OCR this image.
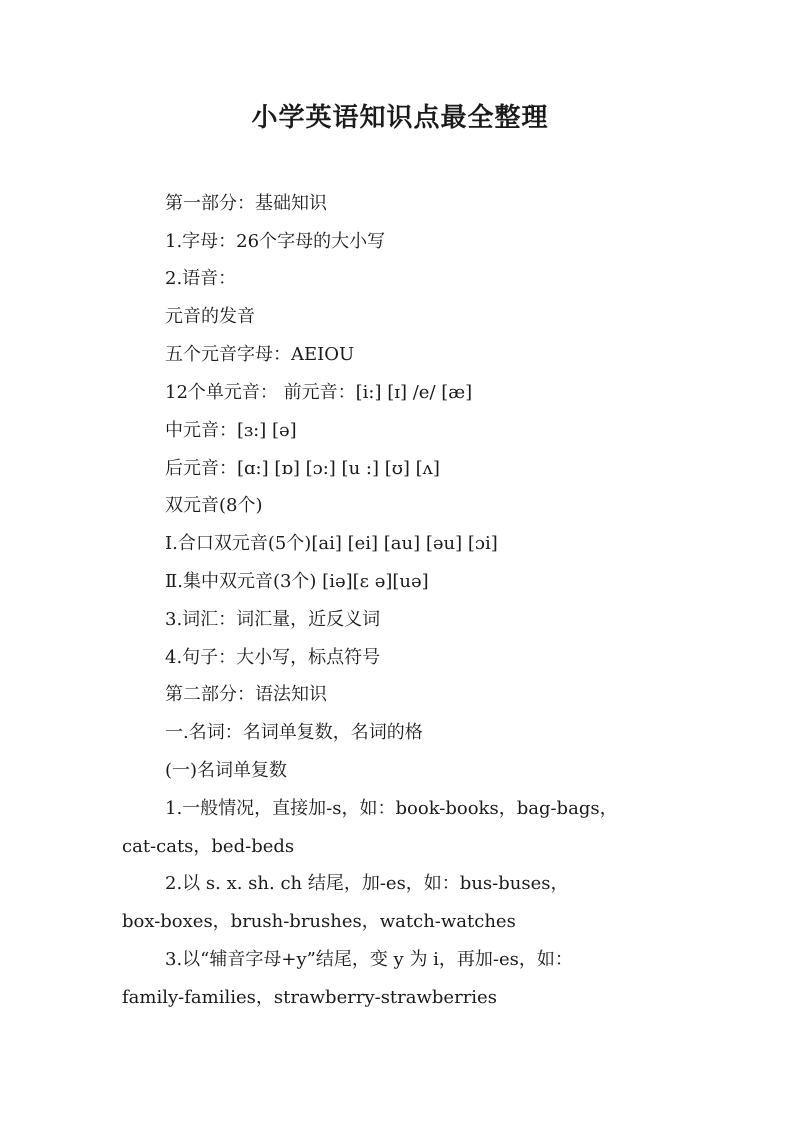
小学英语知识点最全整理
第一部分：基础知识
1.字母：26个字母的大小写
2.语音：
元音的发音
五个元音字母：AEIOU
12个单元音： 前元音：[i:] [ɪ] /e/ [æ]
中元音：[ɜ:] [ə]
后元音：[ɑ:] [ɒ] [ɔ:] [u :] [ʊ] [ʌ]
双元音(8个)
Ⅰ.合口双元音(5个)[ai] [ei] [au] [əu] [ɔi]
Ⅱ.集中双元音(3个) [iə][ɛ ə][uə]
3.词汇：词汇量，近反义词
4.句子：大小写，标点符号
第二部分：语法知识
一.名词：名词单复数，名词的格
(一)名词单复数
1.一般情况，直接加-s，如：book-books，bag-bags，
cat-cats，bed-beds
2.以 s. x. sh. ch 结尾，加-es，如：bus-buses，
box-boxes，brush-brushes，watch-watches
3.以“辅音字母+y”结尾，变 y 为 i，再加-es，如：
family-families，strawberry-strawberries
